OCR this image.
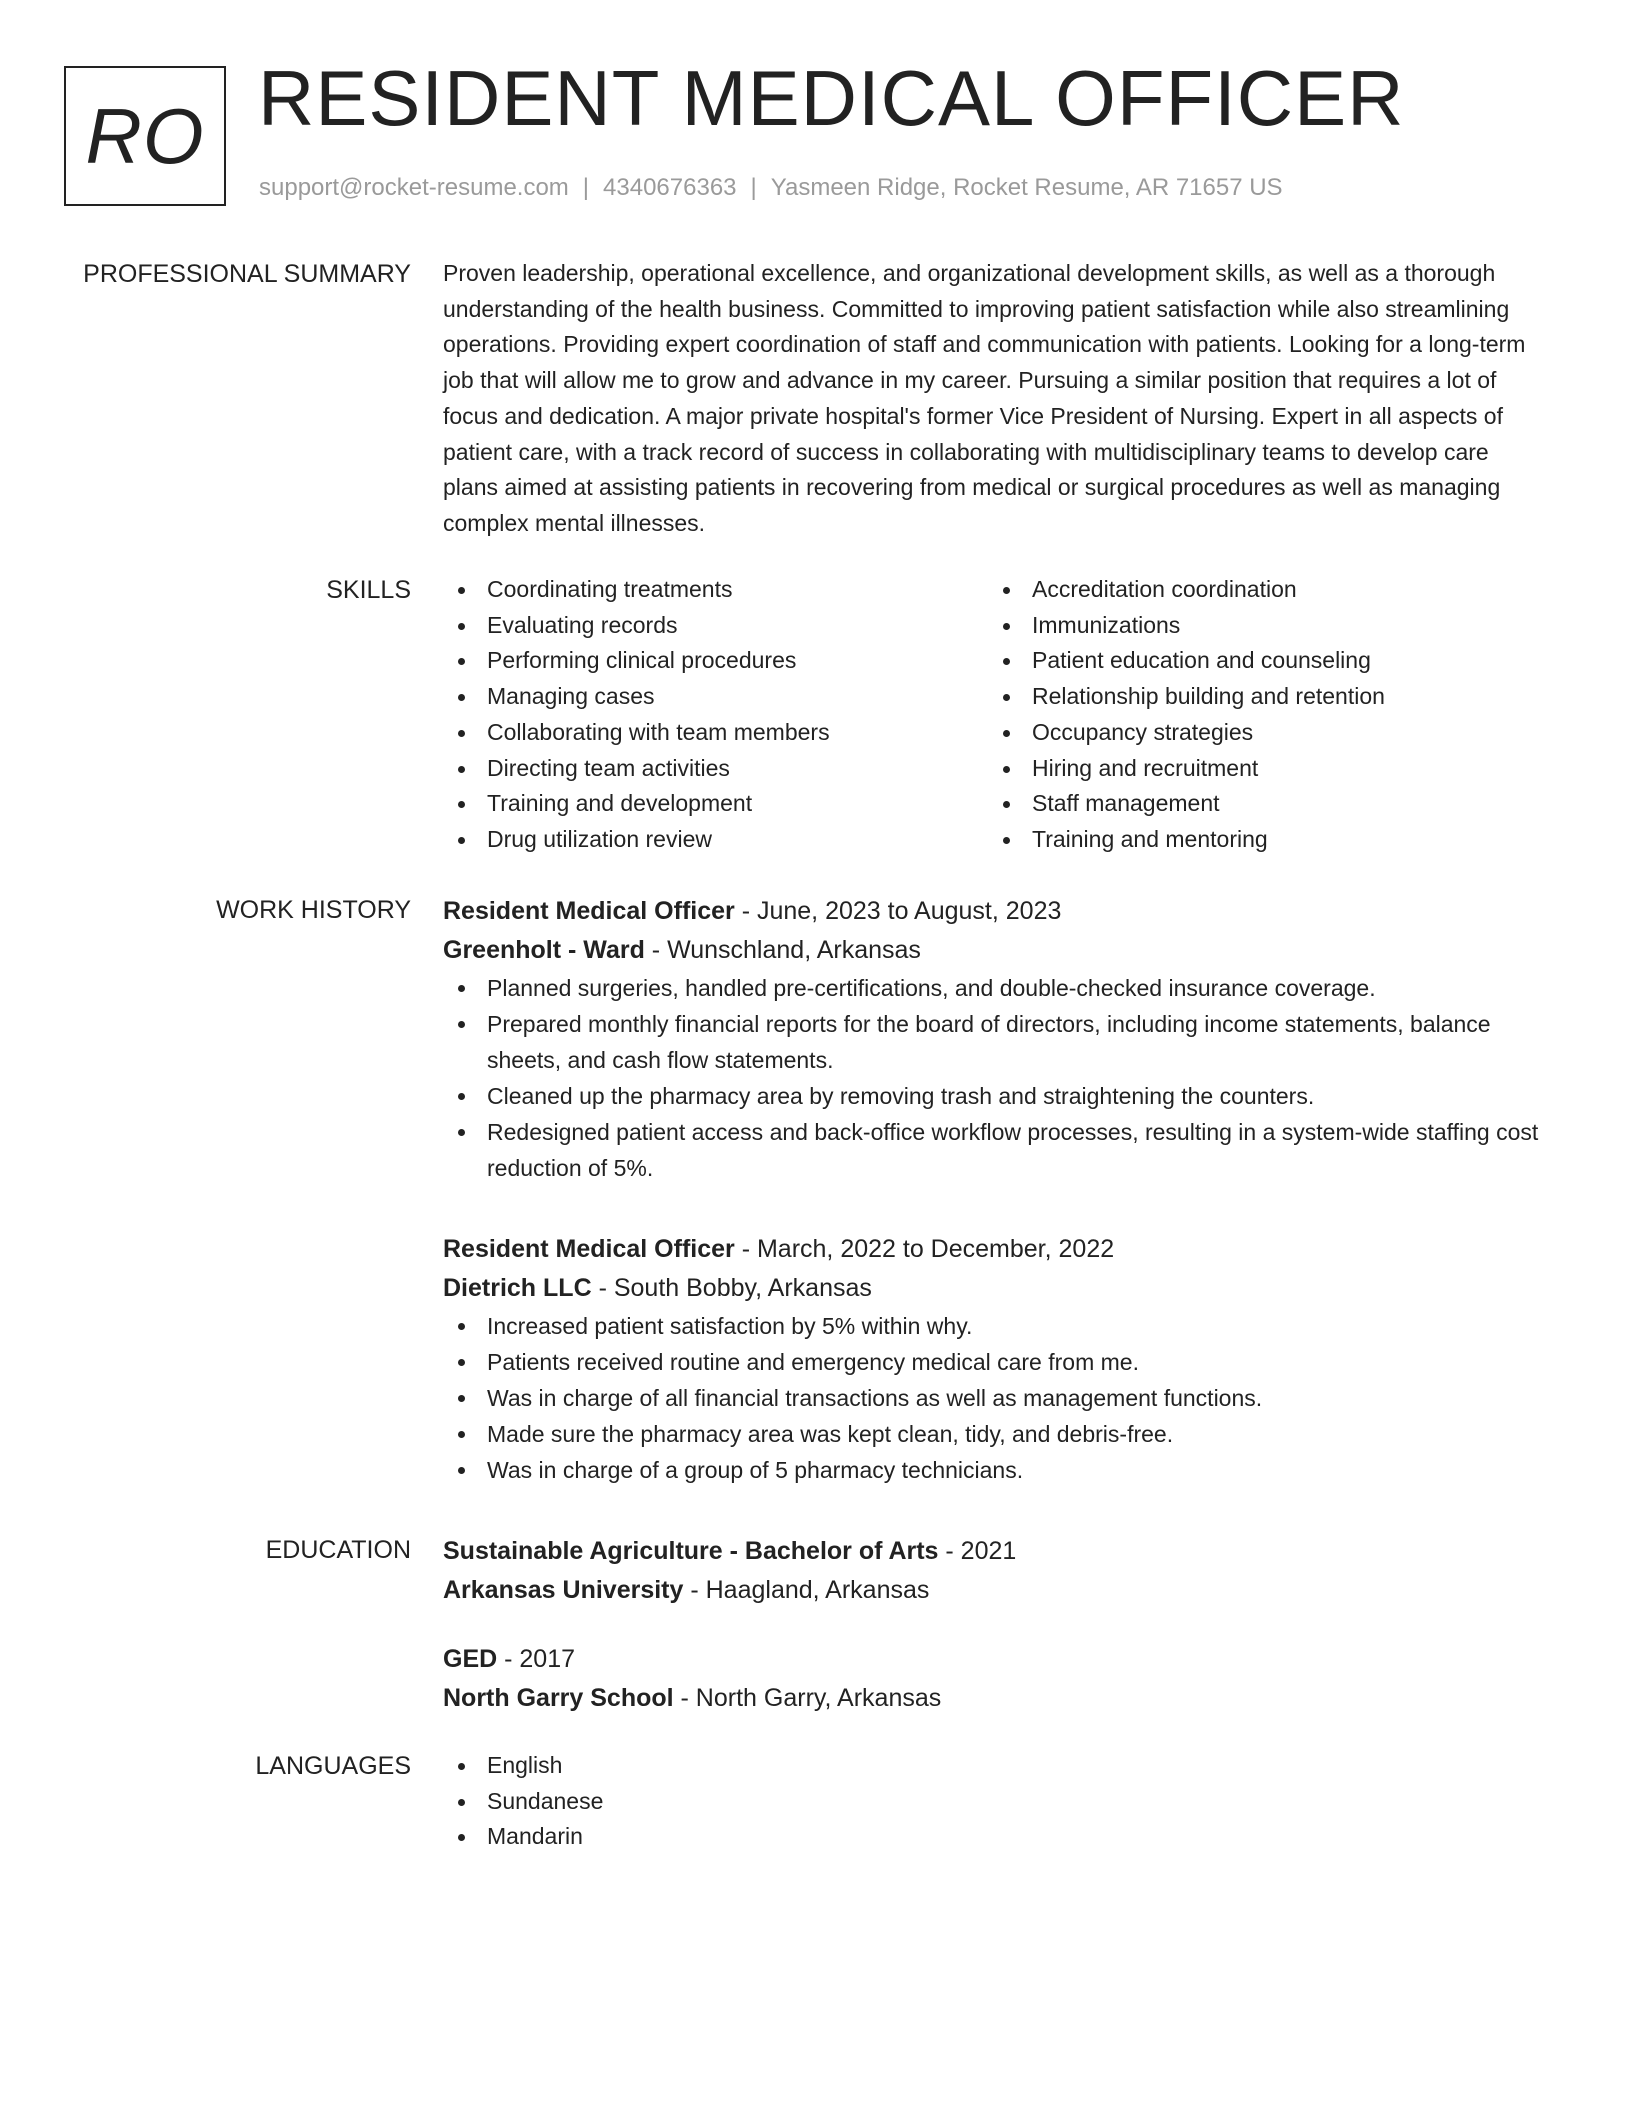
RO RESIDENT MEDICAL OFFICER
support@rocket-resume.com | 4340676363 | Yasmeen Ridge, Rocket Resume, AR 71657 US
PROFESSIONAL SUMMARY Proven leadership, operational excellence, and organizational development skills, as well as a thorough understanding of the health business. Committed to improving patient satisfaction while also streamlining operations. Providing expert coordination of staff and communication with patients. Looking for a long-term job that will allow me to grow and advance in my career. Pursuing a similar position that requires a lot of focus and dedication. A major private hospital's former Vice President of Nursing. Expert in all aspects of patient care, with a track record of success in collaborating with multidisciplinary teams to develop care plans aimed at assisting patients in recovering from medical or surgical procedures as well as managing complex mental illnesses.
SKILLS	Coordinating treatments
Evaluating records
Performing clinical procedures
Managing cases
Collaborating with team members
Directing team activities
Training and development
Drug utilization review
Accreditation coordination
Immunizations
Patient education and counseling
Relationship building and retention
Occupancy strategies
Hiring and recruitment
Staff management
Training and mentoring
WORK HISTORY Resident Medical Officer - June, 2023 to August, 2023
Greenholt - Ward - Wunschland, Arkansas
Planned surgeries, handled pre-certifications, and double-checked insurance coverage.
Prepared monthly financial reports for the board of directors, including income statements, balance sheets, and cash flow statements.
Cleaned up the pharmacy area by removing trash and straightening the counters.
Redesigned patient access and back-office workflow processes, resulting in a system-wide staffing cost reduction of 5%.
Resident Medical Officer - March, 2022 to December, 2022
Dietrich LLC - South Bobby, Arkansas
Increased patient satisfaction by 5% within why.
Patients received routine and emergency medical care from me.
Was in charge of all financial transactions as well as management functions.
Made sure the pharmacy area was kept clean, tidy, and debris-free.
Was in charge of a group of 5 pharmacy technicians.
EDUCATION Sustainable Agriculture - Bachelor of Arts - 2021
Arkansas University - Haagland, Arkansas
GED - 2017
North Garry School - North Garry, Arkansas
LANGUAGES	English
Sundanese
Mandarin
